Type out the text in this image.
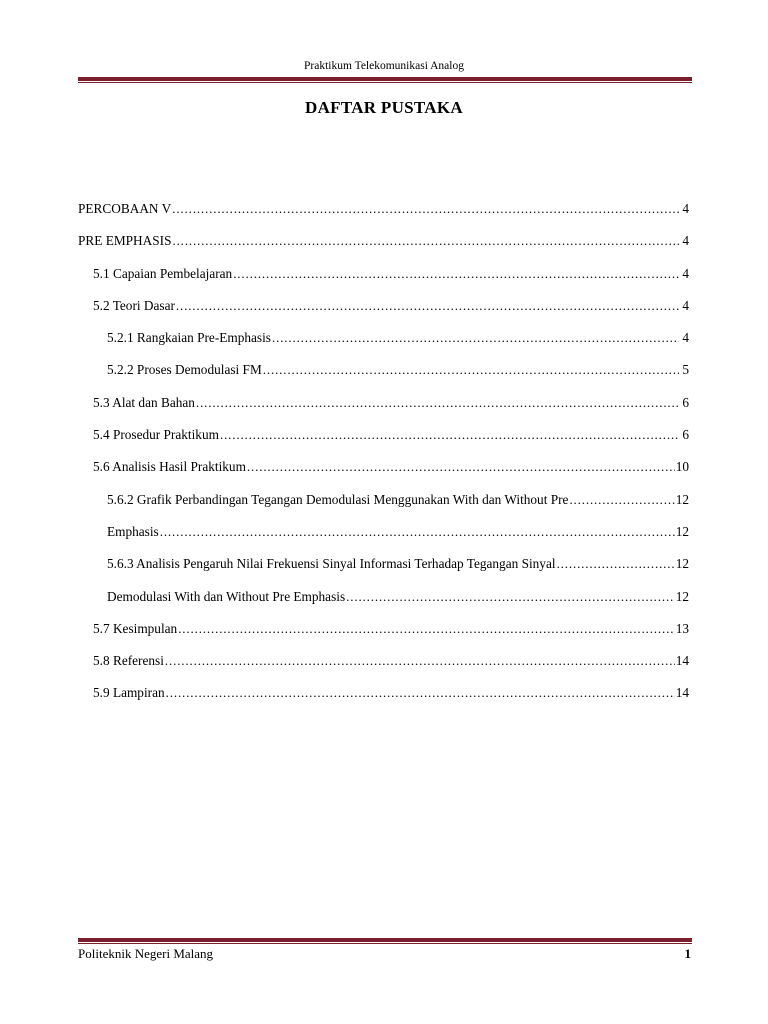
Praktikum Telekomunikasi Analog
DAFTAR PUSTAKA
PERCOBAAN V . . .	4
PRE EMPHASIS . . .	4
5.1 Capaian Pembelajaran . . .	4
5.2 Teori Dasar . . .	4
5.2.1 Rangkaian Pre-Emphasis . . .	4
5.2.2 Proses Demodulasi FM . . .	5
5.3 Alat dan Bahan . . .	6
5.4 Prosedur Praktikum . . .	6
5.6 Analisis Hasil Praktikum . . .	10
5.6.2 Grafik Perbandingan Tegangan Demodulasi Menggunakan With dan Without Pre . . .	12
Emphasis . . .	12
5.6.3 Analisis Pengaruh Nilai Frekuensi Sinyal Informasi Terhadap Tegangan Sinyal . . .	12
Demodulasi With dan Without Pre Emphasis . . .	12
5.7 Kesimpulan . . .	13
5.8 Referensi . . .	14
5.9 Lampiran . . .	14
Politeknik Negeri Malang	1
